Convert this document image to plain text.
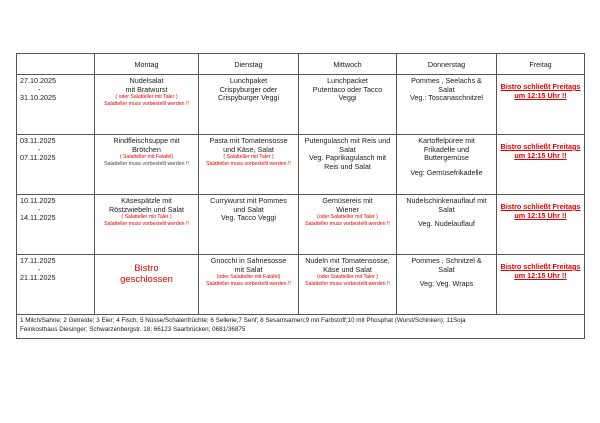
	Montag	Dienstag	Mittwoch	Donnerstag	Freitag

27.10.2025
-
31.10.2025	Nudelsalat
mit Bratwurst
( oder Salatteller mit Taler )
Salatteller muss vorbestellt werden !!	Lunchpaket
Crispyburger oder
Crispyburger Veggi	Lunchpacket
Putentaco oder Tacco
Veggi	Pommes , Seelachs &
Salat
Veg.: Toscanaschnitzel	Bistro schließt Freitags
um 12:15 Uhr !!

03.11.2025
-
07.11.2025	Rindfleischsuppe mit
Brötchen
( Salatteller mit Falafel)
Salatteller muss vorbestellt werden !!	Pasta mit Tomatensosse
und Käse, Salat
( Salatteller mit Taler )
Salatteller muss vorbestellt werden !!	Putengulasch mit Reis und
Salat
Veg. Paprikagulasch mit
Reis und Salat	Kartoffelpüree mit
Frikadelle und
Buttergemüse
Veg: Gemüsefrikadelle	Bistro schließt Freitags
um 12:15 Uhr !!

10.11.2025
-
14.11.2025	Käsespätzle mit
Röstzwiebeln und Salat
( Salatteller mit Taler )
Salatteller muss vorbestellt werden !!	Currywurst mit Pommes
und Salat
Veg. Tacco Veggi	Gemüsereis mit
Wiener
(oder Salatteller mit Taler )
Salatteller muss vorbestellt werden !!	Nudelschinkenauflauf mit
Salat
Veg. Nudelauflauf	Bistro schließt Freitags
um 12:15 Uhr !!

17.11.2025
-
21.11.2025	Bistro
geschlossen	Gnocchi in Sahnesosse
mit Salat
(oder Salatteller mit Falafel)
Salatteller muss vorbestellt werden !!	Nudeln mit Tomatensosse,
Käse und Salat
(oder Salatteller mit Taler )
Salatteller muss vorbestellt werden !!	Pommes , Schnitzel &
Salat
Veg: Veg. Wraps	Bistro schließt Freitags
um 12:15 Uhr !!

1 Milch/Sahne; 2 Getreide; 3 Eier; 4 Fisch; 5 Nüsse/Schalenfrüchte; 6 Sellerie;7 Senf; 8 Sesamsamen;9 mit Farbstoff;10 mit Phosphat (Wurst/Schinken); 11Soja
Feinkosthaus Diesinger; Schwarzenbergstr. 18; 66123 Saarbrücken; 0681/36875					
